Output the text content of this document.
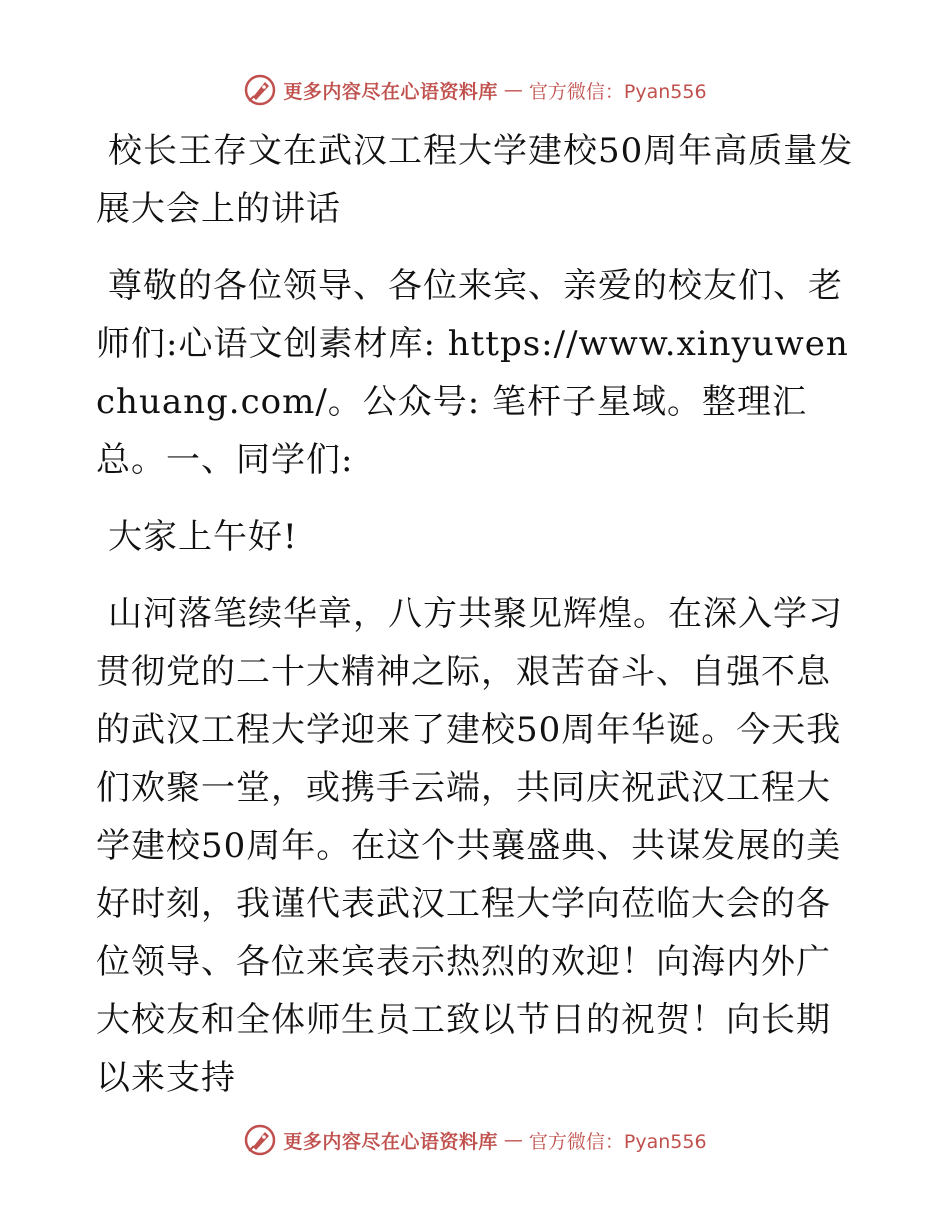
更多内容尽在心语资料库 — 官方微信：Pyan556

校长王存文在武汉工程大学建校50周年高质量发展大会上的讲话

尊敬的各位领导、各位来宾、亲爱的校友们、老师们:心语文创素材库: https://www.xinyuwenchuang.com/。公众号: 笔杆子星域。整理汇总。一、同学们:

大家上午好!

山河落笔续华章，八方共聚见辉煌。在深入学习贯彻党的二十大精神之际，艰苦奋斗、自强不息的武汉工程大学迎来了建校50周年华诞。今天我们欢聚一堂，或携手云端，共同庆祝武汉工程大学建校50周年。在这个共襄盛典、共谋发展的美好时刻，我谨代表武汉工程大学向莅临大会的各位领导、各位来宾表示热烈的欢迎！向海内外广大校友和全体师生员工致以节日的祝贺！向长期以来支持

更多内容尽在心语资料库 — 官方微信：Pyan556
